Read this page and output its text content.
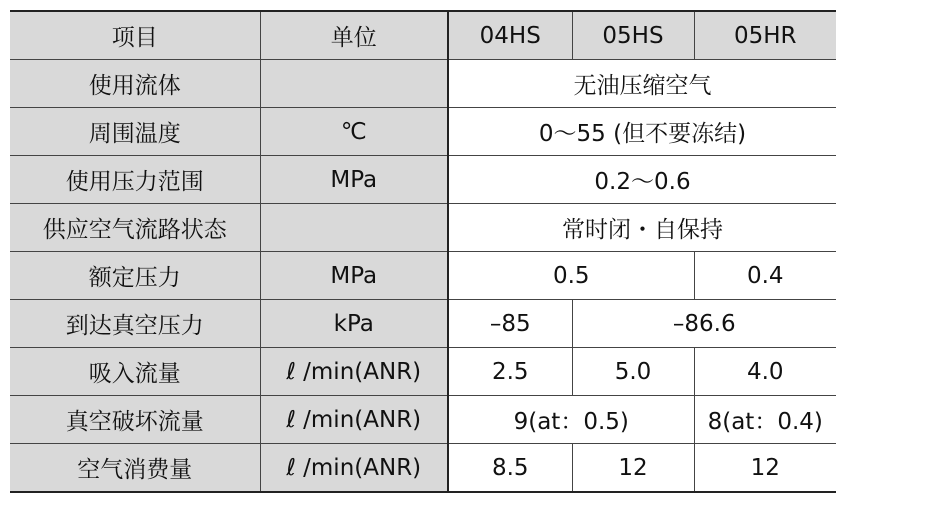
项目	单位	04HS	05HS	05HR
使用流体		无油压缩空气		
周围温度	℃	0～55 (但不要冻结)		
使用压力范围	MPa	0.2～0.6		
供应空气流路状态		常时闭・自保持		
额定压力	MPa	0.5		0.4
到达真空压力	kPa	–85	–86.6	
吸入流量	ℓ /min(ANR)	2.5	5.0	4.0
真空破坏流量	ℓ /min(ANR)	9(at：0.5)		8(at：0.4)
空气消费量	ℓ /min(ANR)	8.5	12	12
